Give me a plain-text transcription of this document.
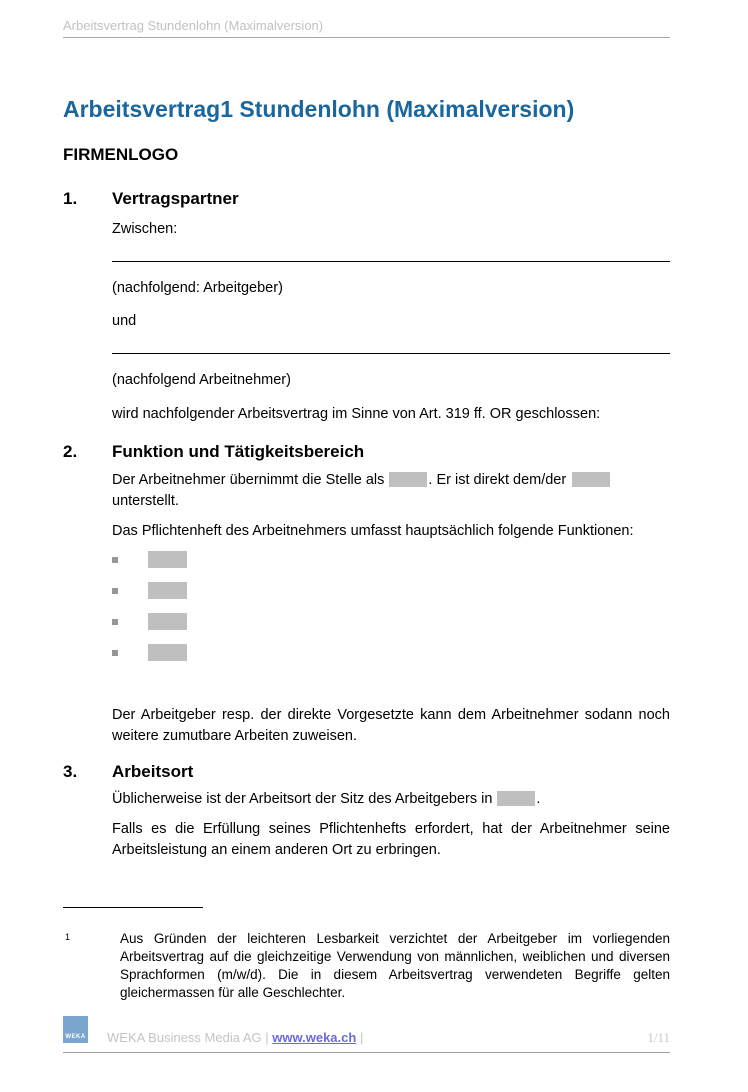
Arbeitsvertrag Stundenlohn (Maximalversion)
Arbeitsvertrag1 Stundenlohn (Maximalversion)
FIRMENLOGO
1.	Vertragspartner

Zwischen:

(nachfolgend: Arbeitgeber)

und

(nachfolgend Arbeitnehmer)

wird nachfolgender Arbeitsvertrag im Sinne von Art. 319 ff. OR geschlossen:

2.	Funktion und Tätigkeitsbereich

Der Arbeitnehmer übernimmt die Stelle als	. Er ist direkt dem/derunterstellt.

Das Pflichtenheft des Arbeitnehmers umfasst hauptsächlich folgende Funktionen:

Der Arbeitgeber resp. der direkte Vorgesetzte kann dem Arbeitnehmer sodann noch weitere zumutbare Arbeiten zuweisen.

3.	Arbeitsort

Üblicherweise ist der Arbeitsort der Sitz des Arbeitgebers in	.

Falls es die Erfüllung seines Pflichtenhefts erfordert, hat der Arbeitnehmer seine Arbeitsleistung an einem anderen Ort zu erbringen.

1	Aus Gründen der leichteren Lesbarkeit verzichtet der Arbeitgeber im vorliegenden Arbeitsvertrag auf die gleichzeitige Verwendung von männlichen, weiblichen und diversen Sprachformen (m/w/d). Die in diesem Arbeitsvertrag verwendeten Begriffe gelten gleichermassen für alle Geschlechter.

WEKA WEKA Business Media AG | www.weka.ch |	1/11
